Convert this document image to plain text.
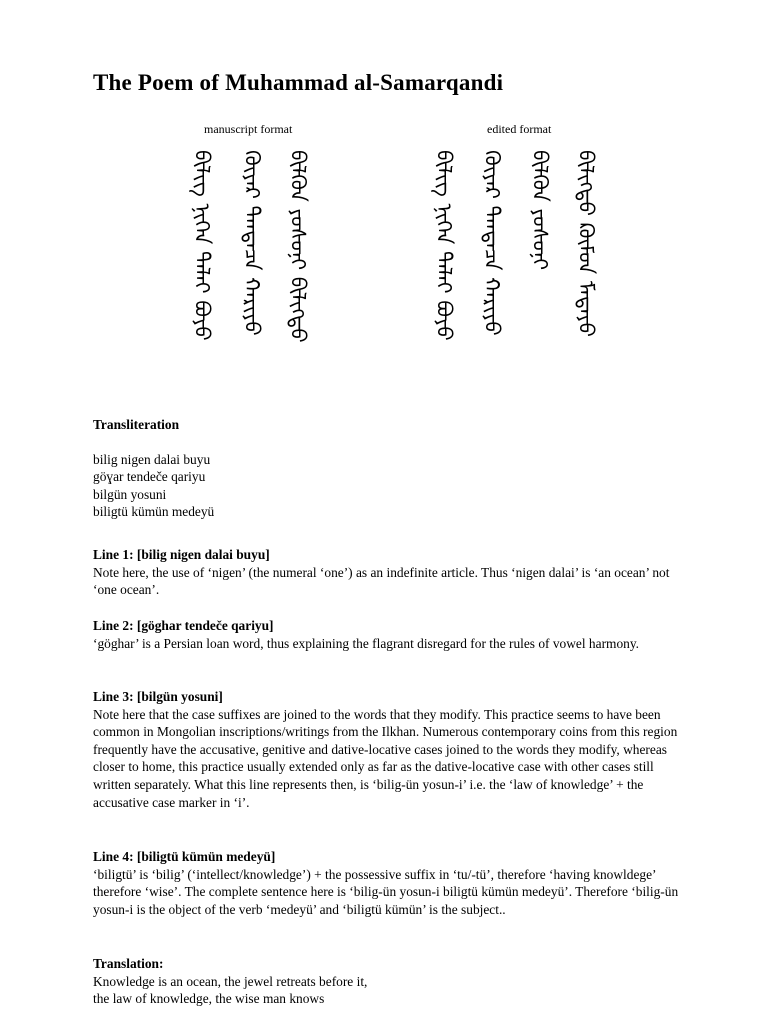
The Poem of Muhammad al-Samarqandi
manuscript format	edited format
ᠪᠢᠯᠢᠭ ᠨᠢᠭᠡᠨ ᠳᠠᠯᠠᠢ ᠪᠣᠶᠤ ᠭᠥᠶᠠᠷ ᠲᠡᠨᠳᠡᠴᠡ ᠬᠠᠷᠢᠶᠤ ᠪᠢᠯᠭᠦᠨ ᠶᠣᠰᠤᠨᠢ ᠪᠢᠯᠢᠭᠲᠦ	ᠪᠢᠯᠢᠭ ᠨᠢᠭᠡᠨ ᠳᠠᠯᠠᠢ ᠪᠣᠶᠤ ᠭᠥᠶᠠᠷ ᠲᠡᠨᠳᠡᠴᠡ ᠬᠠᠷᠢᠶᠤ ᠪᠢᠯᠭᠦᠨ ᠶᠣᠰᠤᠨᠢ ᠪᠢᠯᠢᠭᠲᠦ ᠺᠦᠮᠦᠨ ᠮᠡᠳᠡᠶᠦ

Transliteration

bilig nigen dalai buyu
göɣar tendeče qariyu
bilgün yosuni
biligtü kümün medeyü

Line 1: [bilig nigen dalai buyu]

Note here, the use of ‘nigen’ (the numeral ‘one’) as an indefinite article. Thus ‘nigen dalai’ is ‘an ocean’ not ‘one ocean’.

Line 2: [göghar tendeče qariyu]

‘göghar’ is a Persian loan word, thus explaining the flagrant disregard for the rules of vowel harmony.

Line 3: [bilgün yosuni]

Note here that the case suffixes are joined to the words that they modify. This practice seems to have been common in Mongolian inscriptions/writings from the Ilkhan. Numerous contemporary coins from this region frequently have the accusative, genitive and dative-locative cases joined to the words they modify, whereas closer to home, this practice usually extended only as far as the dative-locative case with other cases still written separately. What this line represents then, is ‘bilig-ün yosun-i’ i.e. the ‘law of knowledge’ + the accusative case marker in ‘i’.

Line 4: [biligtü kümün medeyü]

‘biligtü’ is ‘bilig’ (‘intellect/knowledge’) + the possessive suffix in ‘tu/-tü’, therefore ‘having knowldege’ therefore ‘wise’. The complete sentence here is ‘bilig-ün yosun-i biligtü kümün medeyü’. Therefore ‘bilig-ün yosun-i is the object of the verb ‘medeyü’ and ‘biligtü kümün’ is the subject..

Translation:

Knowledge is an ocean, the jewel retreats before it,
the law of knowledge, the wise man knows
